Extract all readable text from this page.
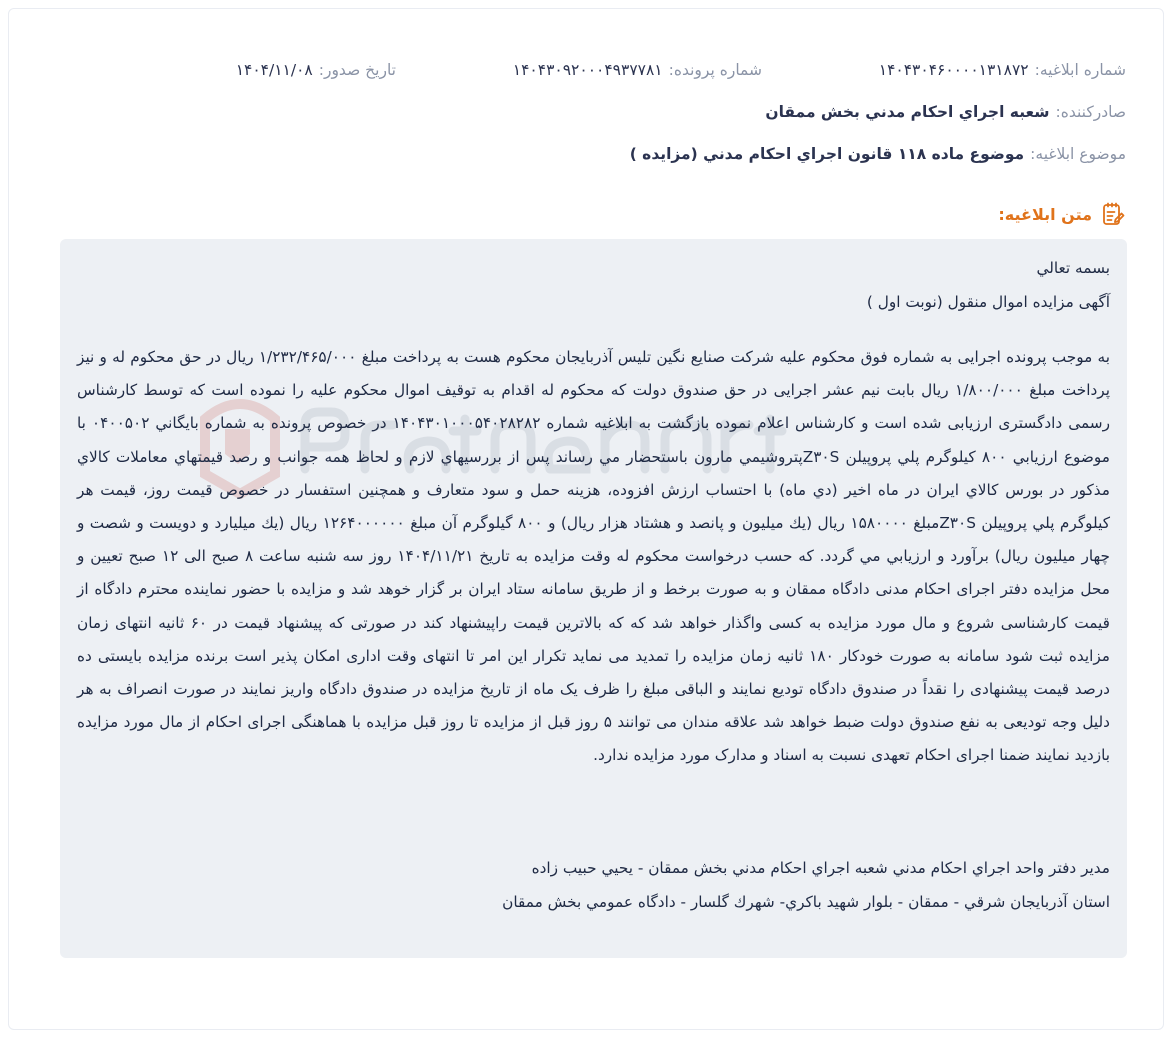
شماره ابلاغیه:
۱۴۰۴۳۰۴۶۰۰۰۰۱۳۱۸۷۲
شماره پرونده:
۱۴۰۴۳۰۹۲۰۰۰۴۹۳۷۷۸۱
تاریخ صدور:
۱۴۰۴/۱۱/۰۸
صادرکننده:
شعبه اجراي احكام مدني بخش ممقان
موضوع ابلاغیه:
موضوع ماده ۱۱۸ قانون اجراي احكام مدني (مزايده )
متن ابلاغیه:
بسمه تعالي
آگهی مزایده اموال منقول (نوبت اول )
به موجب پرونده اجرایی به شماره فوق محکوم علیه شرکت صنایع نگین تلیس آذربایجان محکوم هست به پرداخت مبلغ ۱/۲۳۲/۴۶۵/۰۰۰ ریال در حق محکوم له و نیز پرداخت مبلغ ۱/۸۰۰/۰۰۰ ریال بابت نیم عشر اجرایی در حق صندوق دولت که محکوم له اقدام به توقیف اموال محکوم علیه را نموده است که توسط کارشناس رسمی دادگستری ارزیابی شده است و کارشناس اعلام نموده بازگشت به ابلاغیه شماره ۱۴۰۴۳۰۱۰۰۰۵۴۰۲۸۲۸۲ در خصوص پرونده به شماره بايگاني ۰۴۰۰۵۰۲ با موضوع ارزيابي ۸۰۰ كيلوگرم پلي پروپيلن Z۳۰Sپتروشيمي مارون باستحضار مي رساند پس از بررسيهاي لازم و لحاظ همه جوانب و رصد قيمتهاي معاملات كالاي مذكور در بورس كالاي ايران در ماه اخير (دي ماه) با احتساب ارزش افزوده، هزينه حمل و سود متعارف و همچنين استفسار در خصوص قيمت روز، قيمت هر كيلوگرم پلي پروپيلن Z۳۰Sمبلغ ۱۵۸۰۰۰۰ ريال (يك ميليون و پانصد و هشتاد هزار ريال) و ۸۰۰ گيلوگرم آن مبلغ ۱۲۶۴۰۰۰۰۰۰ ريال (يك ميليارد و دويست و شصت و چهار ميليون ريال) برآورد و ارزيابي مي گردد. که حسب درخواست محکوم له وقت مزایده به تاریخ ۱۴۰۴/۱۱/۲۱ روز سه شنبه ساعت ۸ صبح الی ۱۲ صبح تعیین و محل مزایده دفتر اجرای احکام مدنی دادگاه ممقان و به صورت برخط و از طریق سامانه ستاد ایران بر گزار خوهد شد و مزایده با حضور نماینده محترم دادگاه از قیمت کارشناسی شروع و مال مورد مزایده به کسی واگذار خواهد شد که که بالاترین قیمت راپیشنهاد کند در صورتی که پیشنهاد قیمت در ۶۰ ثانیه انتهای زمان مزایده ثبت شود سامانه به صورت خودکار ۱۸۰ ثانیه زمان مزایده را تمدید می نماید تکرار این امر تا انتهای وقت اداری امکان پذیر است برنده مزایده بایستی ده درصد قیمت پیشنهادی را نقداً در صندوق دادگاه تودیع نمایند و الباقی مبلغ را ظرف یک ماه از تاریخ مزایده در صندوق دادگاه واریز نمایند در صورت انصراف به هر دلیل وجه تودیعی به نفع صندوق دولت ضبط خواهد شد علاقه مندان می توانند ۵ روز قبل از مزایده تا روز قبل مزایده با هماهنگی اجرای احکام از مال مورد مزایده بازدید نمایند ضمنا اجرای احکام تعهدی نسبت به اسناد و مدارک مورد مزایده ندارد.
مدير دفتر واحد اجراي احكام مدني شعبه اجراي احكام مدني بخش ممقان - يحيي حبيب زاده
استان آذربايجان شرقي - ممقان - بلوار شهيد باكري- شهرك گلسار - دادگاه عمومي بخش ممقان
